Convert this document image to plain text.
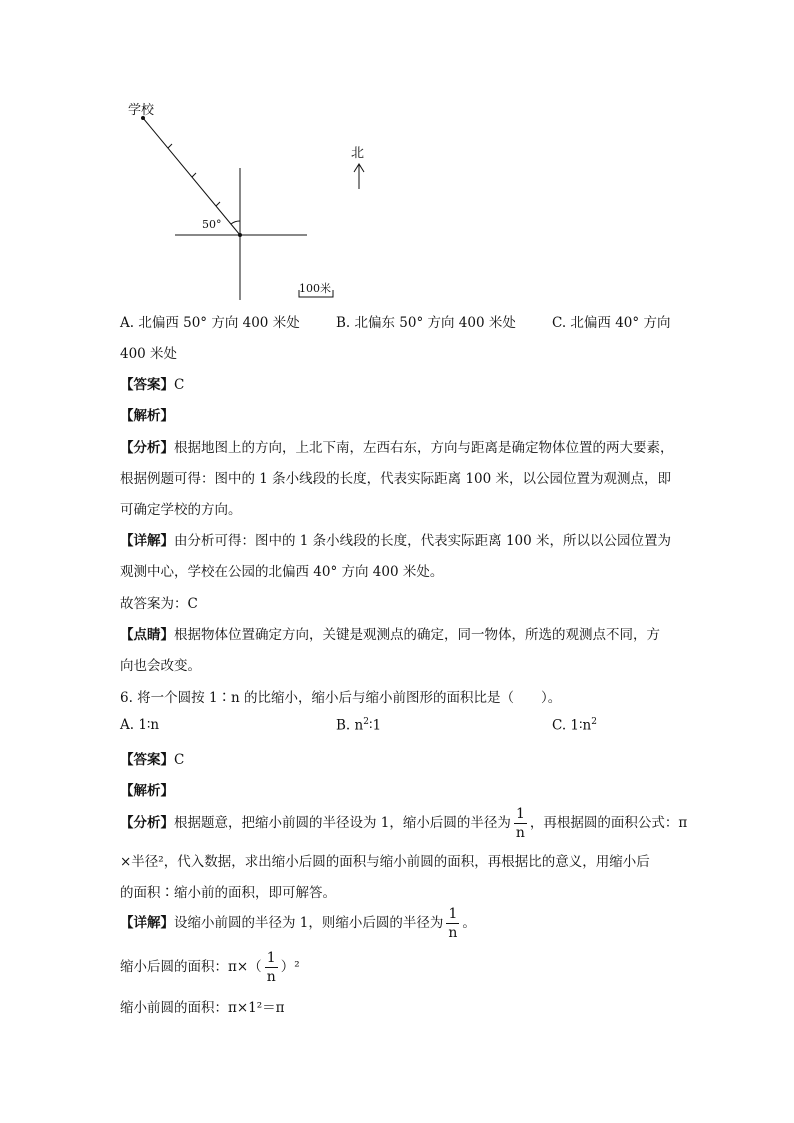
学校
50°
100米
北
A. 北偏西 50° 方向 400 米处	B. 北偏东 50° 方向 400 米处	C. 北偏西 40° 方向
400 米处
【答案】C
【解析】
【分析】根据地图上的方向，上北下南，左西右东，方向与距离是确定物体位置的两大要素，
根据例题可得：图中的 1 条小线段的长度，代表实际距离 100 米，以公园位置为观测点，即
可确定学校的方向。
【详解】由分析可得：图中的 1 条小线段的长度，代表实际距离 100 米，所以以公园位置为
观测中心，学校在公园的北偏西 40° 方向 400 米处。
故答案为：C
【点睛】根据物体位置确定方向，关键是观测点的确定，同一物体，所选的观测点不同，方
向也会改变。
6. 将一个圆按 1∶n 的比缩小，缩小后与缩小前图形的面积比是（　　）。
A. 1∶n	B. $n^2∶1$	C. $1∶n^2$
【答案】C
【解析】
【分析】根据题意，把缩小前圆的半径设为 1，缩小后圆的半径为 $\frac{1}{n}$ ，再根据圆的面积公式：π
×半径²，代入数据，求出缩小后圆的面积与缩小前圆的面积，再根据比的意义，用缩小后
的面积∶缩小前的面积，即可解答。
【详解】设缩小前圆的半径为 1，则缩小后圆的半径为 $\frac{1}{n}$ 。
缩小后圆的面积：$\pi\times( \frac{1}{n} )^2$
缩小前圆的面积：π×1²＝π
